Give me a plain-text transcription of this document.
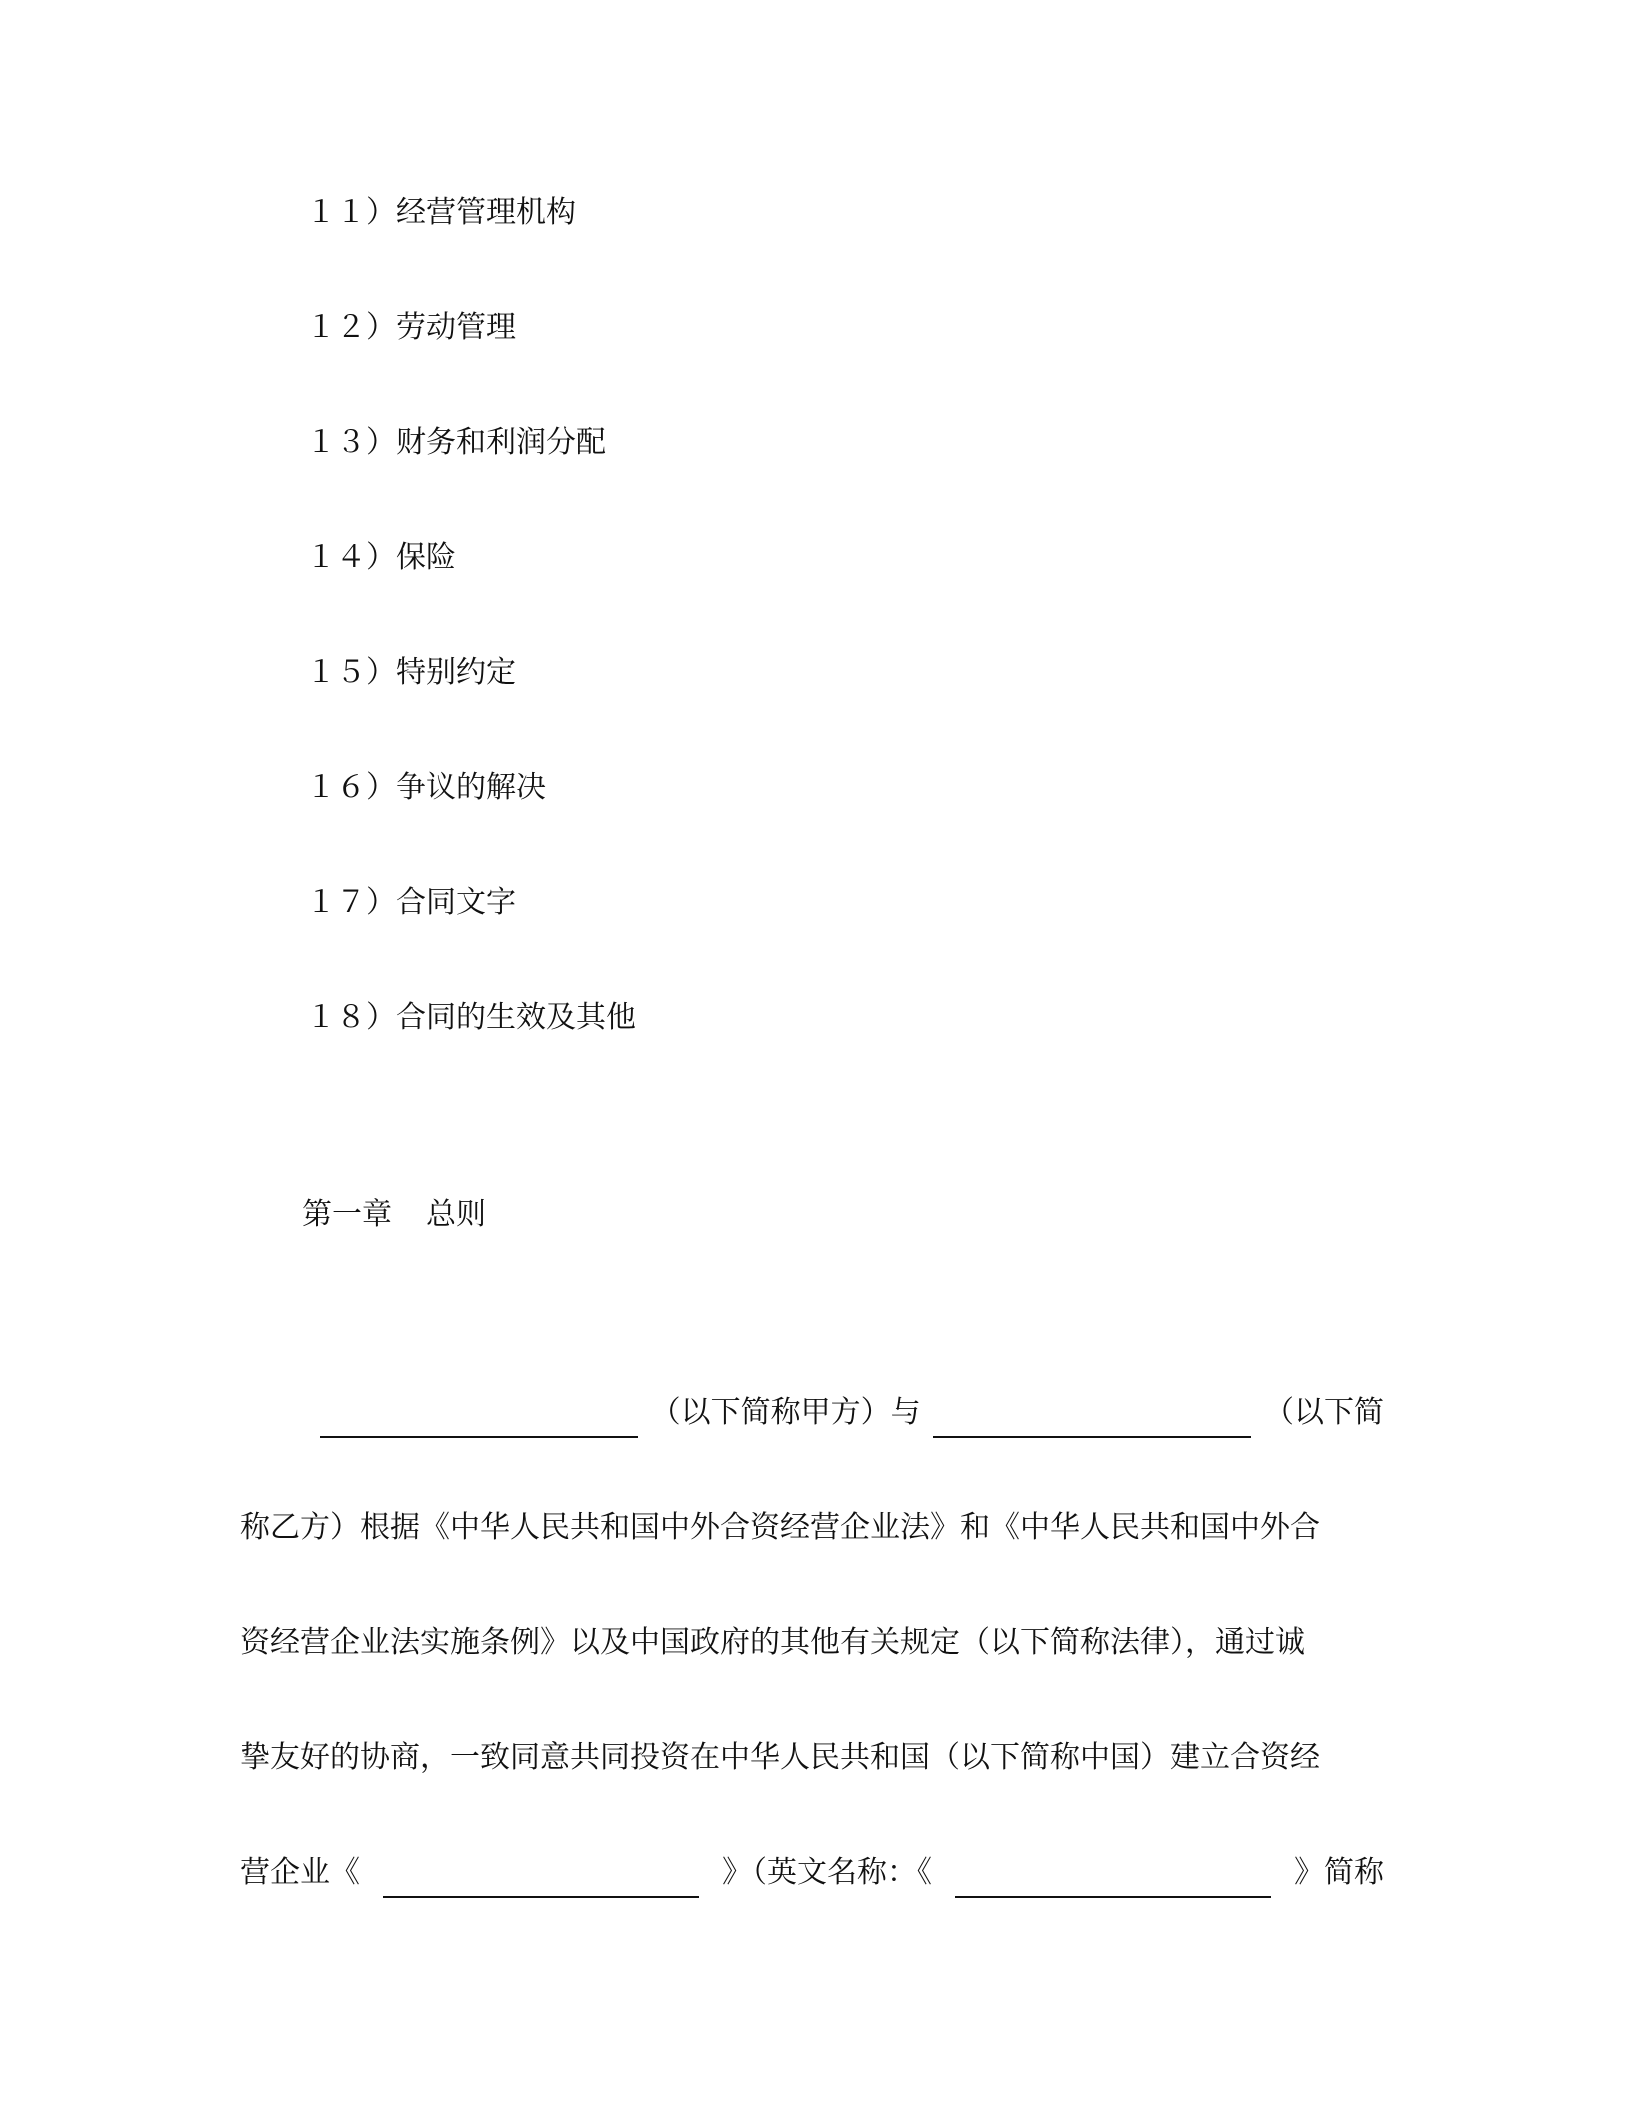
１１）经营管理机构
１２）劳动管理
１３）财务和利润分配
１４）保险
１５）特别约定
１６）争议的解决
１７）合同文字
１８）合同的生效及其他
第一章 总则
（以下简称甲方）与	（以下简
称乙方）根据《中华人民共和国中外合资经营企业法》和《中华人民共和国中外合
资经营企业法实施条例》以及中国政府的其他有关规定（以下简称法律），通过诚
挚友好的协商，一致同意共同投资在中华人民共和国（以下简称中国）建立合资经
营企业《	》（英文名称：《	》简称
